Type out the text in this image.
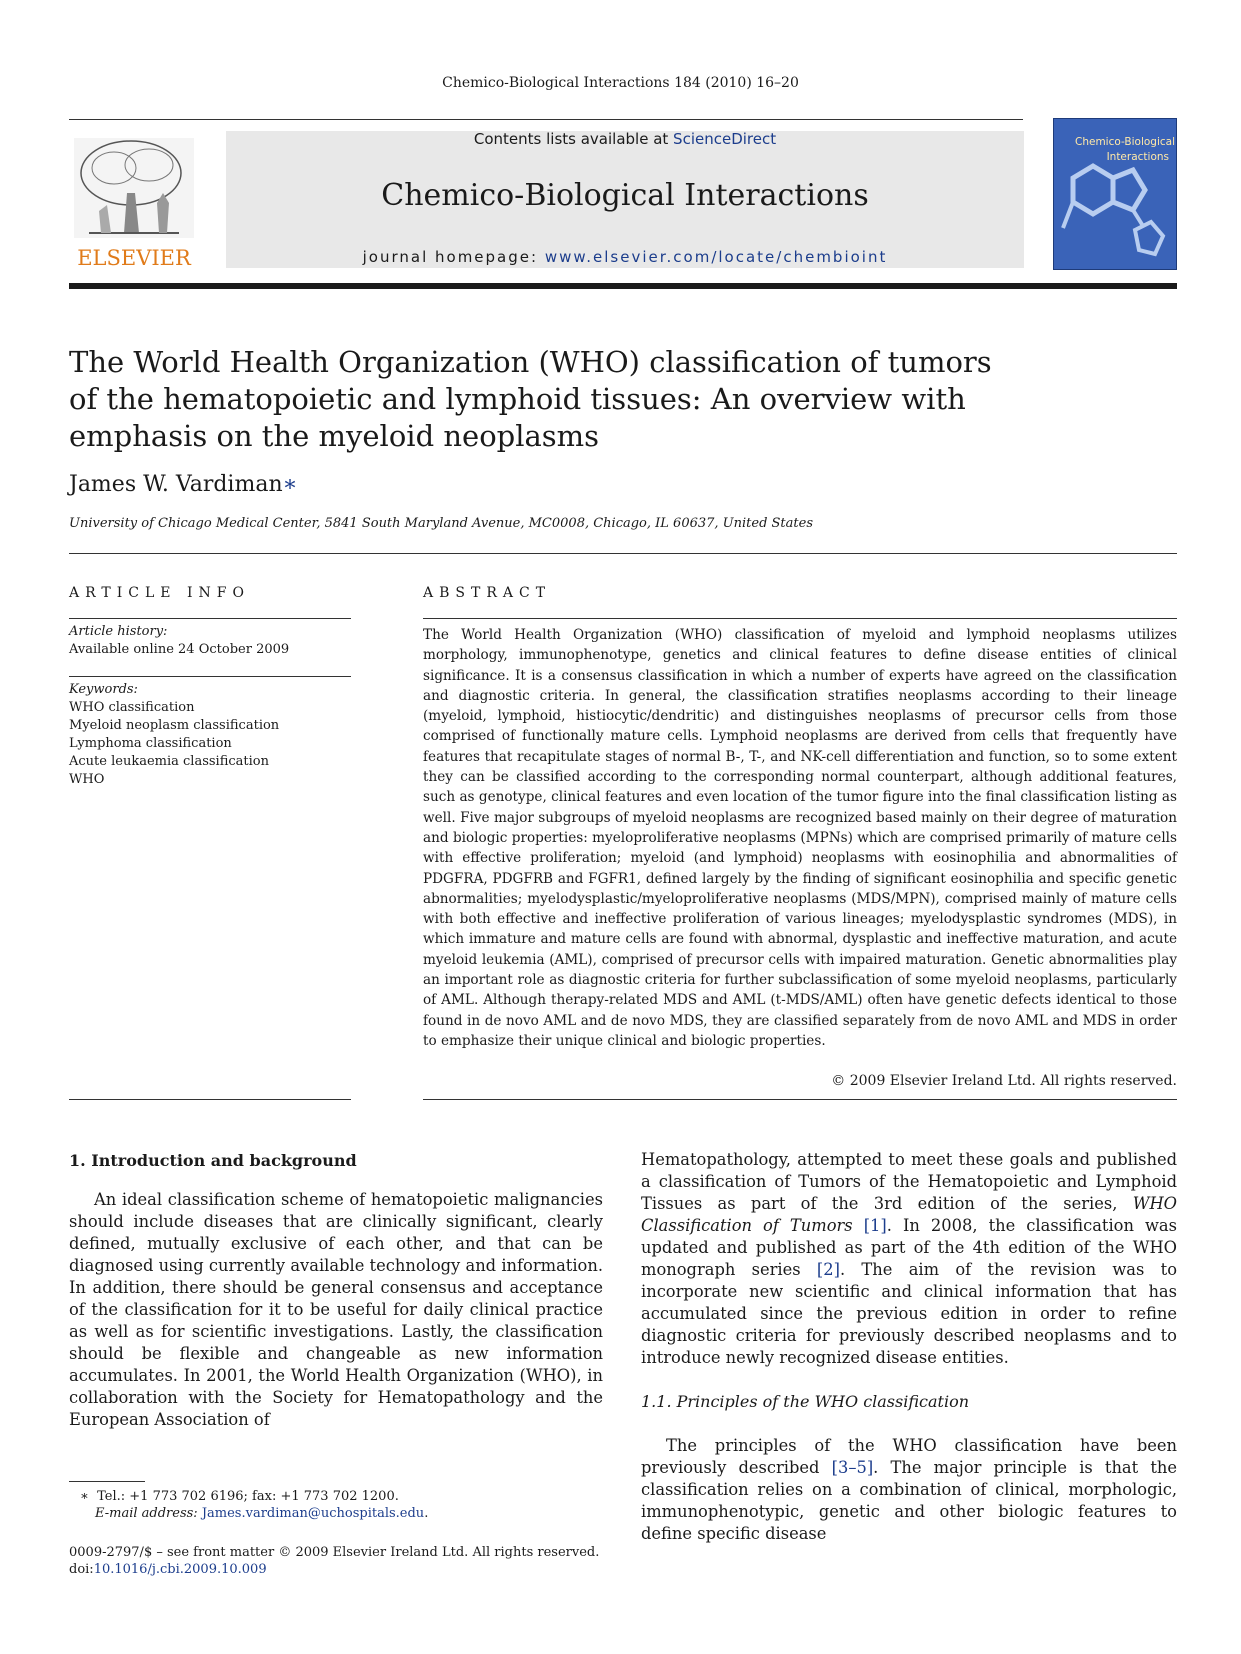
Chemico-Biological Interactions 184 (2010) 16–20
ELSEVIER
Contents lists available at ScienceDirect
Chemico-Biological Interactions
journal homepage: www.elsevier.com/locate/chembioint
Chemico-Biological
Interactions
The World Health Organization (WHO) classification of tumors of the hematopoietic and lymphoid tissues: An overview with emphasis on the myeloid neoplasms
James W. Vardiman∗
University of Chicago Medical Center, 5841 South Maryland Avenue, MC0008, Chicago, IL 60637, United States
ARTICLE INFO
Article history:
Available online 24 October 2009
Keywords:
WHO classification
Myeloid neoplasm classification
Lymphoma classification
Acute leukaemia classification
WHO
ABSTRACT
The World Health Organization (WHO) classification of myeloid and lymphoid neoplasms utilizes morphology, immunophenotype, genetics and clinical features to define disease entities of clinical significance. It is a consensus classification in which a number of experts have agreed on the classification and diagnostic criteria. In general, the classification stratifies neoplasms according to their lineage (myeloid, lymphoid, histiocytic/dendritic) and distinguishes neoplasms of precursor cells from those comprised of functionally mature cells. Lymphoid neoplasms are derived from cells that frequently have features that recapitulate stages of normal B-, T-, and NK-cell differentiation and function, so to some extent they can be classified according to the corresponding normal counterpart, although additional features, such as genotype, clinical features and even location of the tumor figure into the final classification listing as well. Five major subgroups of myeloid neoplasms are recognized based mainly on their degree of maturation and biologic properties: myeloproliferative neoplasms (MPNs) which are comprised primarily of mature cells with effective proliferation; myeloid (and lymphoid) neoplasms with eosinophilia and abnormalities of PDGFRA, PDGFRB and FGFR1, defined largely by the finding of significant eosinophilia and specific genetic abnormalities; myelodysplastic/myeloproliferative neoplasms (MDS/MPN), comprised mainly of mature cells with both effective and ineffective proliferation of various lineages; myelodysplastic syndromes (MDS), in which immature and mature cells are found with abnormal, dysplastic and ineffective maturation, and acute myeloid leukemia (AML), comprised of precursor cells with impaired maturation. Genetic abnormalities play an important role as diagnostic criteria for further subclassification of some myeloid neoplasms, particularly of AML. Although therapy-related MDS and AML (t-MDS/AML) often have genetic defects identical to those found in de novo AML and de novo MDS, they are classified separately from de novo AML and MDS in order to emphasize their unique clinical and biologic properties.
© 2009 Elsevier Ireland Ltd. All rights reserved.
1. Introduction and background
An ideal classification scheme of hematopoietic malignancies should include diseases that are clinically significant, clearly defined, mutually exclusive of each other, and that can be diagnosed using currently available technology and information. In addition, there should be general consensus and acceptance of the classification for it to be useful for daily clinical practice as well as for scientific investigations. Lastly, the classification should be flexible and changeable as new information accumulates. In 2001, the World Health Organization (WHO), in collaboration with the Society for Hematopathology and the European Association of
Hematopathology, attempted to meet these goals and published a classification of Tumors of the Hematopoietic and Lymphoid Tissues as part of the 3rd edition of the series, WHO Classification of Tumors [1]. In 2008, the classification was updated and published as part of the 4th edition of the WHO monograph series [2]. The aim of the revision was to incorporate new scientific and clinical information that has accumulated since the previous edition in order to refine diagnostic criteria for previously described neoplasms and to introduce newly recognized disease entities.
1.1. Principles of the WHO classification
The principles of the WHO classification have been previously described [3–5]. The major principle is that the classification relies on a combination of clinical, morphologic, immunophenotypic, genetic and other biologic features to define specific disease
∗ Tel.: +1 773 702 6196; fax: +1 773 702 1200.
E-mail address: James.vardiman@uchospitals.edu.
0009-2797/$ – see front matter © 2009 Elsevier Ireland Ltd. All rights reserved.
doi:10.1016/j.cbi.2009.10.009
